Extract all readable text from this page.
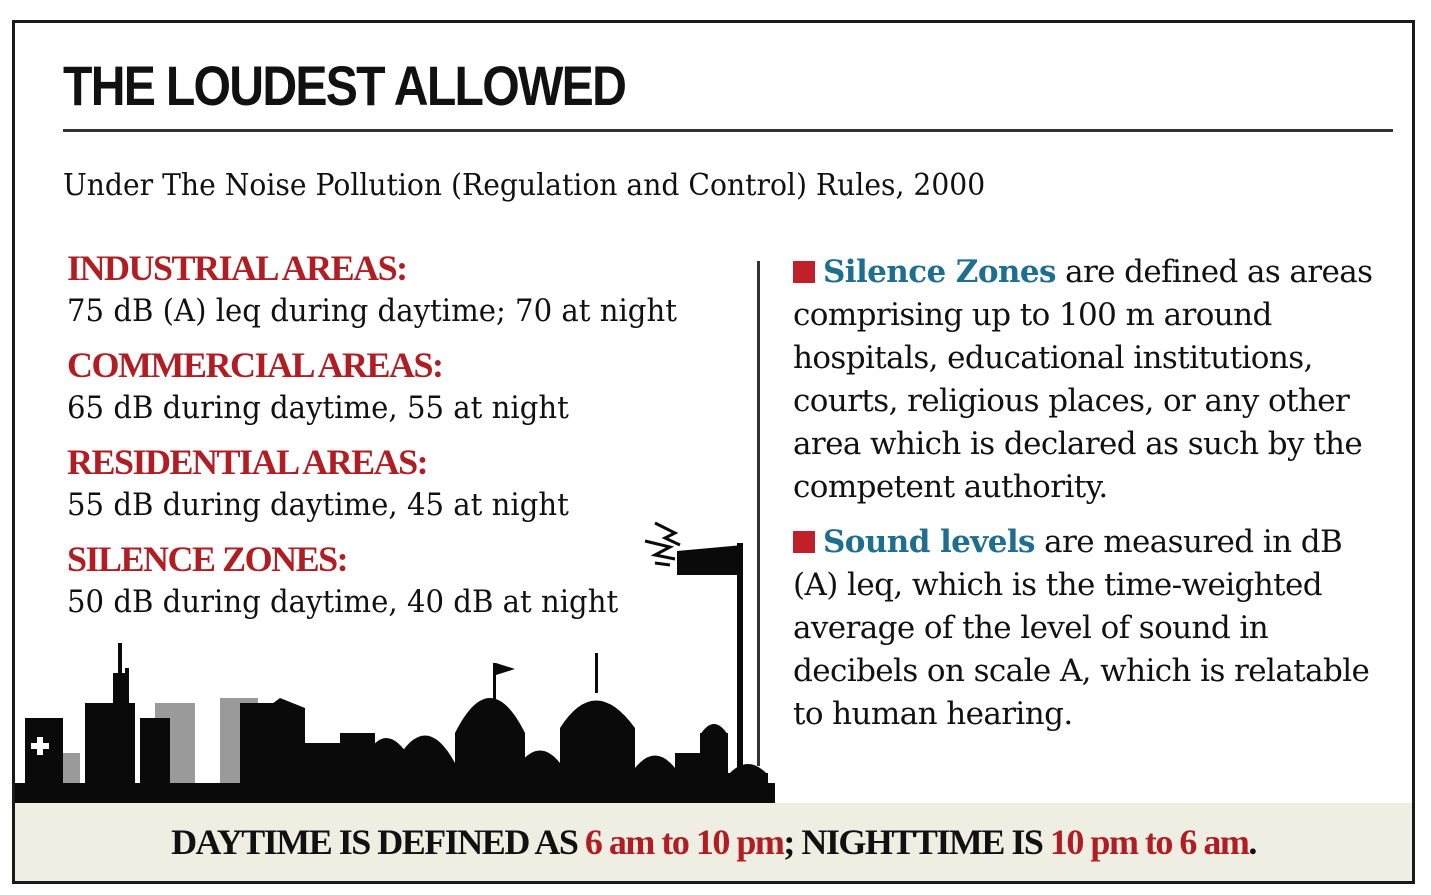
THE LOUDEST ALLOWED
Under The Noise Pollution (Regulation and Control) Rules, 2000
INDUSTRIAL AREAS:
75 dB (A) leq during daytime; 70 at night
COMMERCIAL AREAS:
65 dB during daytime, 55 at night
RESIDENTIAL AREAS:
55 dB during daytime, 45 at night
SILENCE ZONES:
50 dB during daytime, 40 dB at night
Silence Zones are defined as areas comprising up to 100 m around hospitals, educational institutions, courts, religious places, or any other area which is declared as such by the competent authority.
Sound levels are measured in dB (A) leq, which is the time-weighted average of the level of sound in decibels on scale A, which is relatable to human hearing.
DAYTIME IS DEFINED AS 6 am to 10 pm; NIGHTTIME IS 10 pm to 6 am.
